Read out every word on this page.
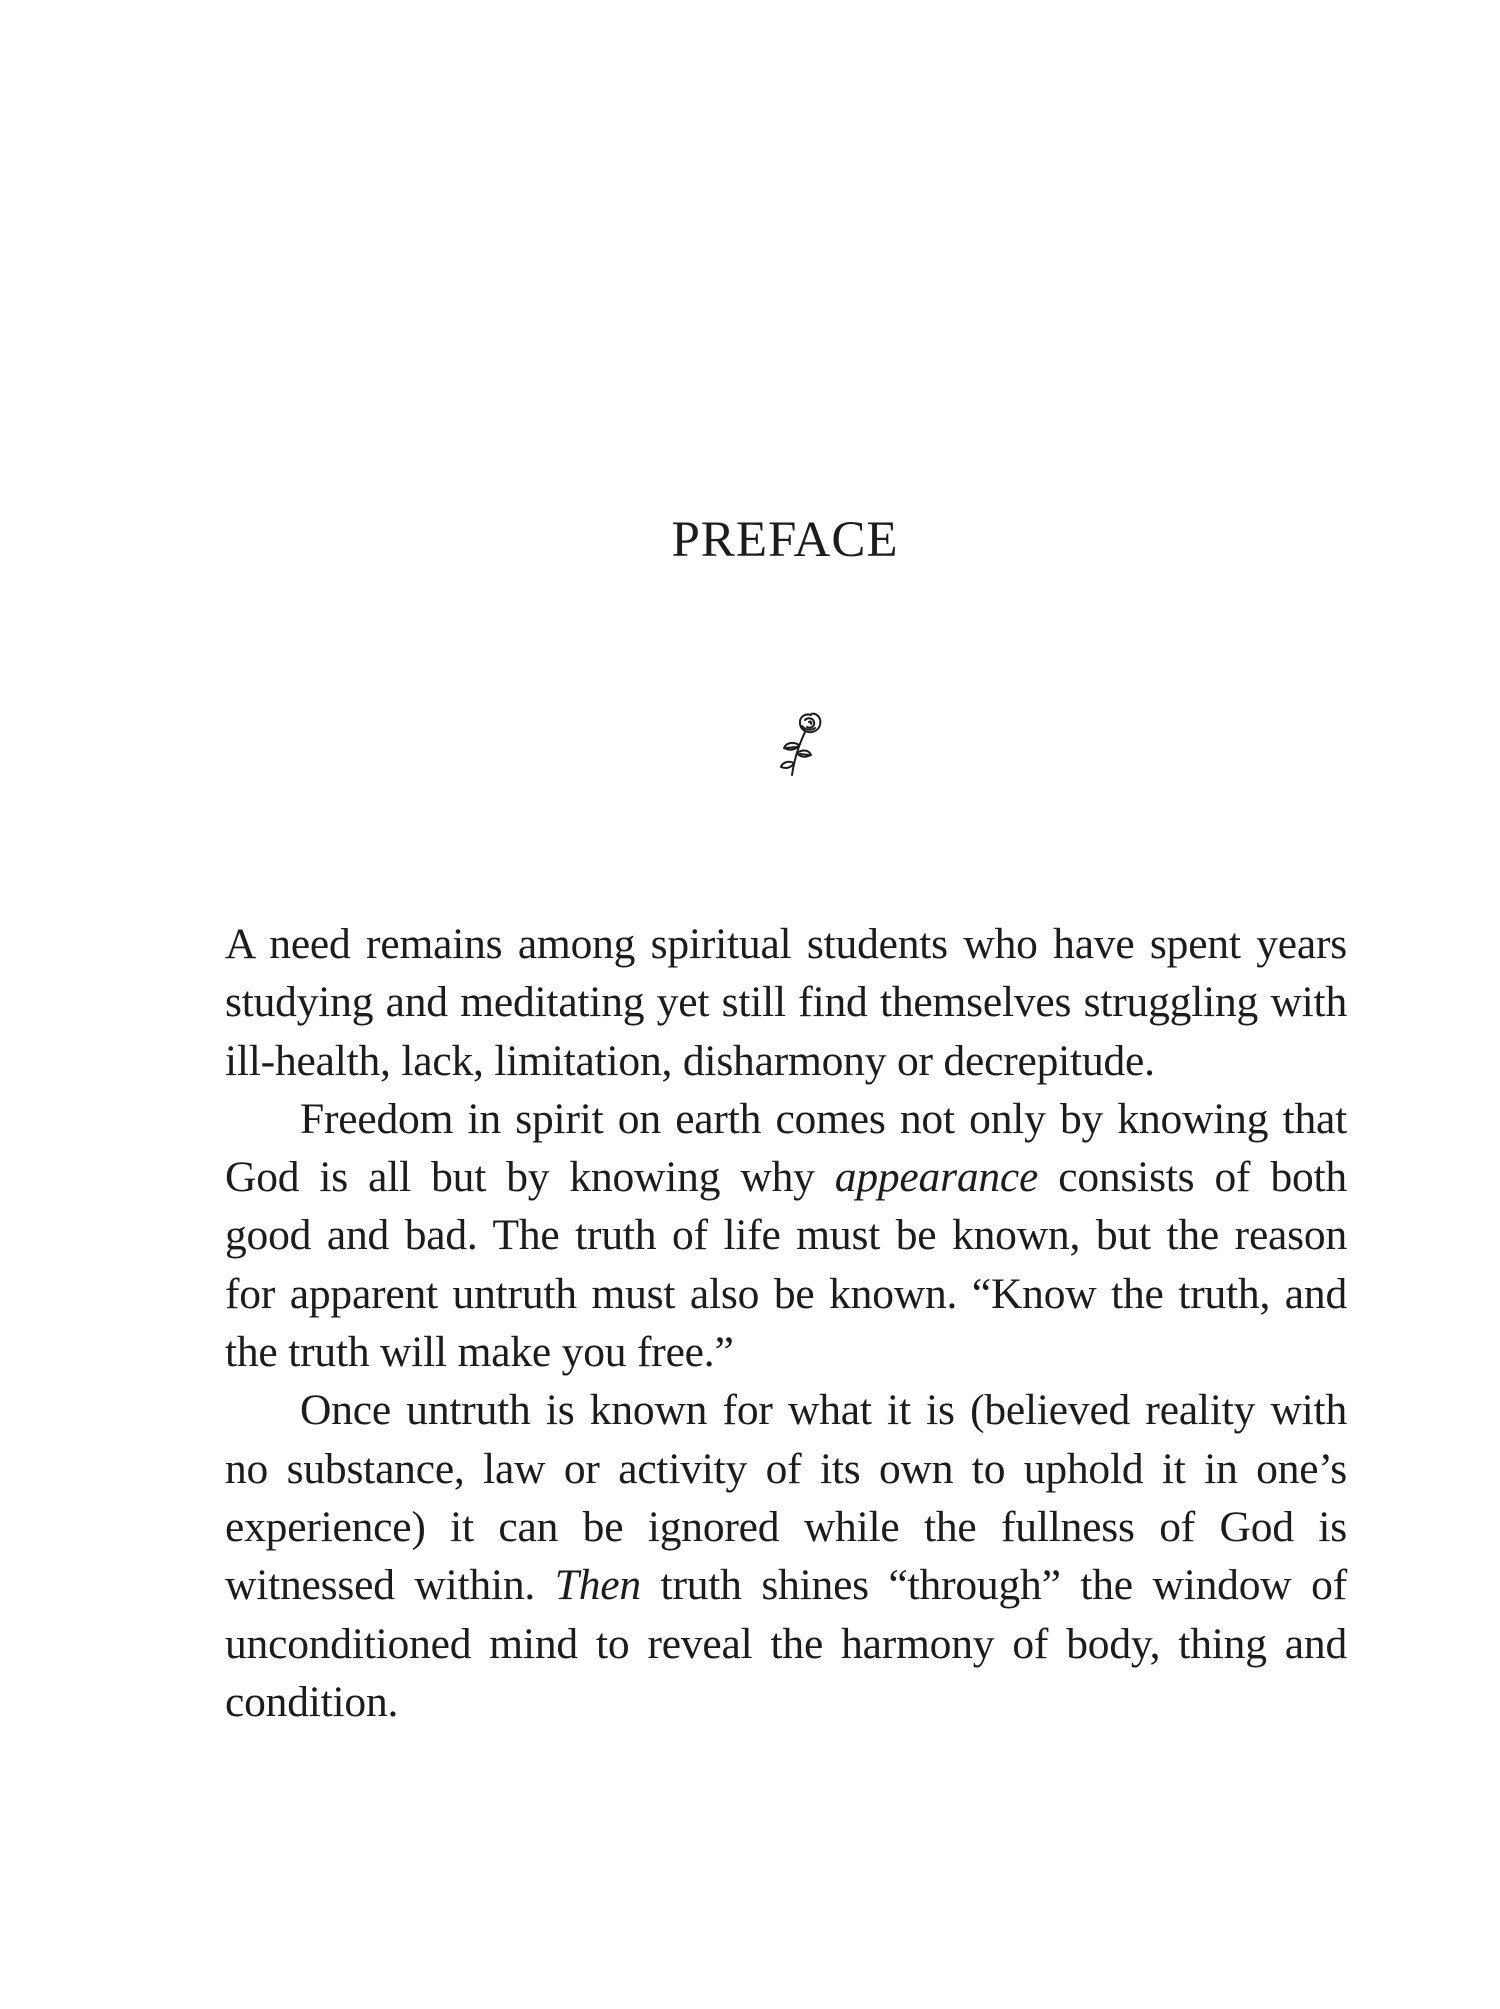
PREFACE

A need remains among spiritual students who have spent years studying and meditating yet still find themselves struggling with ill-health, lack, limitation, disharmony or decrepitude.

Freedom in spirit on earth comes not only by knowing that God is all but by knowing why appearance consists of both good and bad. The truth of life must be known, but the reason for apparent untruth must also be known. “Know the truth, and the truth will make you free.”

Once untruth is known for what it is (believed reality with no substance, law or activity of its own to uphold it in one’s experience) it can be ignored while the fullness of God is witnessed within. Then truth shines “through” the window of unconditioned mind to reveal the harmony of body, thing and condition.
